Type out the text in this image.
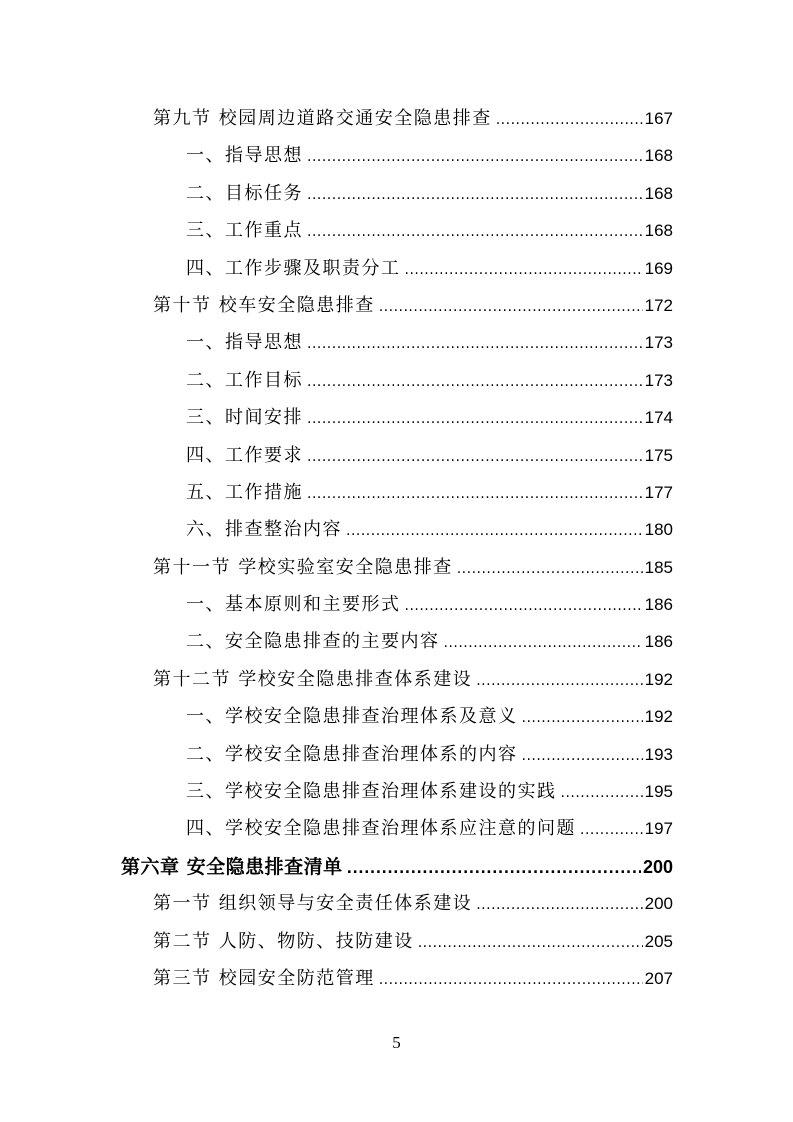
第九节 校园周边道路交通安全隐患排查 .....	167
一、指导思想 .....	168
二、目标任务 .....	168
三、工作重点 .....	168
四、工作步骤及职责分工 .....	169
第十节 校车安全隐患排查 .....	172
一、指导思想 .....	173
二、工作目标 .....	173
三、时间安排 .....	174
四、工作要求 .....	175
五、工作措施 .....	177
六、排查整治内容 .....	180
第十一节 学校实验室安全隐患排查 .....	185
一、基本原则和主要形式 .....	186
二、安全隐患排查的主要内容 .....	186
第十二节 学校安全隐患排查体系建设 .....	192
一、学校安全隐患排查治理体系及意义 .....	192
二、学校安全隐患排查治理体系的内容 .....	193
三、学校安全隐患排查治理体系建设的实践 .....	195
四、学校安全隐患排查治理体系应注意的问题 .....	197
第六章 安全隐患排查清单 .....	200
第一节 组织领导与安全责任体系建设 .....	200
第二节 人防、物防、技防建设 .....	205
第三节 校园安全防范管理 .....	207
5
